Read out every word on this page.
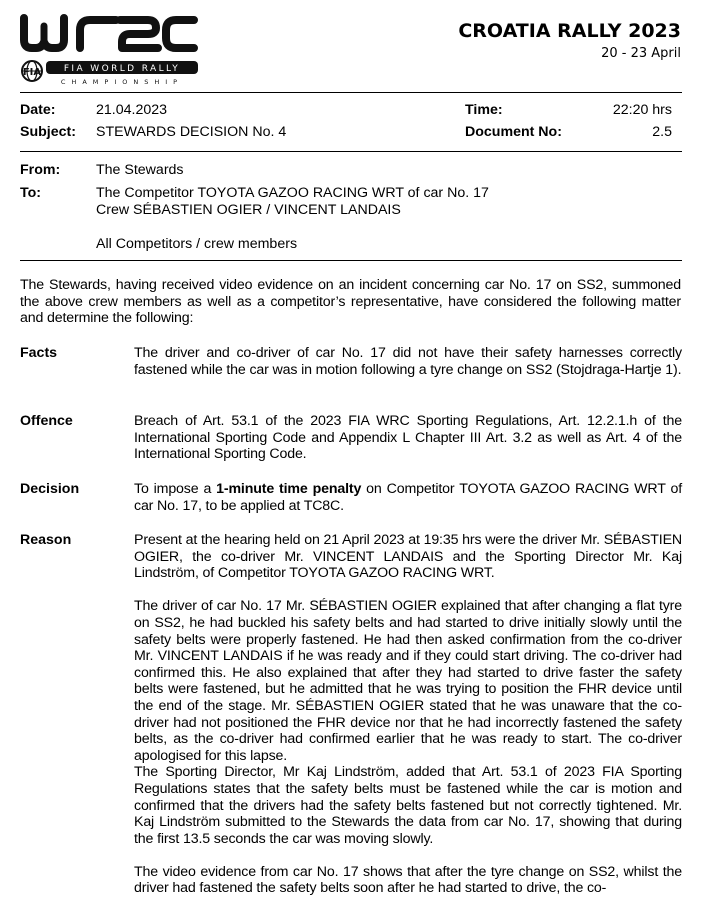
FIA	FIA WORLD RALLY
CHAMPIONSHIP
CROATIA RALLY 2023
20 - 23 April
Date:	21.04.2023	Time:	22:20 hrs
Subject: STEWARDS DECISION No. 4	Document No:	2.5
From:	The Stewards
To:	The Competitor TOYOTA GAZOO RACING WRT of car No. 17
Crew SÉBASTIEN OGIER / VINCENT LANDAIS
All Competitors / crew members
The Stewards, having received video evidence on an incident concerning car No. 17 on SS2, summoned the above crew members as well as a competitor’s representative, have considered the following matter and determine the following:
Facts	The driver and co-driver of car No. 17 did not have their safety harnesses correctly fastened while the car was in motion following a tyre change on SS2 (Stojdraga-Hartje 1).
Offence	Breach of Art. 53.1 of the 2023 FIA WRC Sporting Regulations, Art. 12.2.1.h of the International Sporting Code and Appendix L Chapter III Art. 3.2 as well as Art. 4 of the International Sporting Code.
Decision	To impose a 1-minute time penalty on Competitor TOYOTA GAZOO RACING WRT of car No. 17, to be applied at TC8C.
Reason	Present at the hearing held on 21 April 2023 at 19:35 hrs were the driver Mr. SÉBASTIEN OGIER, the co-driver Mr. VINCENT LANDAIS and the Sporting Director Mr. Kaj Lindström, of Competitor TOYOTA GAZOO RACING WRT.

The driver of car No. 17 Mr. SÉBASTIEN OGIER explained that after changing a flat tyre on SS2, he had buckled his safety belts and had started to drive initially slowly until the safety belts were properly fastened. He had then asked confirmation from the co-driver Mr. VINCENT LANDAIS if he was ready and if they could start driving. The co-driver had confirmed this. He also explained that after they had started to drive faster the safety belts were fastened, but he admitted that he was trying to position the FHR device until the end of the stage. Mr. SÉBASTIEN OGIER stated that he was unaware that the co-driver had not positioned the FHR device nor that he had incorrectly fastened the safety belts, as the co-driver had confirmed earlier that he was ready to start. The co-driver apologised for this lapse.

The Sporting Director, Mr Kaj Lindström, added that Art. 53.1 of 2023 FIA Sporting Regulations states that the safety belts must be fastened while the car is motion and confirmed that the drivers had the safety belts fastened but not correctly tightened. Mr. Kaj Lindström submitted to the Stewards the data from car No. 17, showing that during the first 13.5 seconds the car was moving slowly.

The video evidence from car No. 17 shows that after the tyre change on SS2, whilst the driver had fastened the safety belts soon after he had started to drive, the co-
